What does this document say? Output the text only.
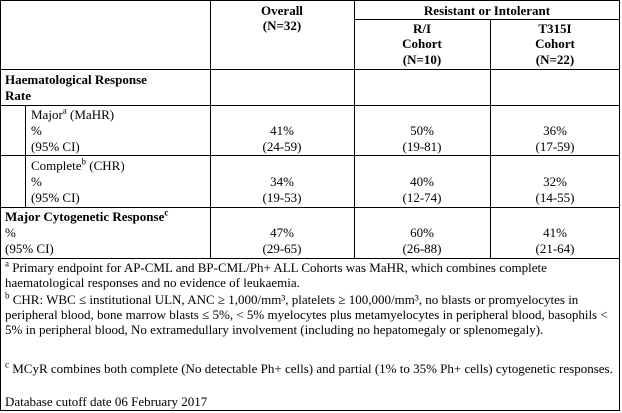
Overall
(N=32)
Resistant or Intolerant
R/I
Cohort
(N=10)
T315I
Cohort
(N=22)
Haematological Response
Rate
Major$^a$ (MaHR)
%
(95% CI)
41%
(24-59)
50%
(19-81)
36%
(17-59)
Complete$^b$ (CHR)
%
(95% CI)
34%
(19-53)
40%
(12-74)
32%
(14-55)
Major Cytogenetic Response$^c$
%
(95% CI)
47%
(29-65)
60%
(26-88)
41%
(21-64)
$^a$ Primary endpoint for AP-CML and BP-CML/Ph+ ALL Cohorts was MaHR, which combines complete haematological responses and no evidence of leukaemia.
$^b$ CHR: WBC ≤ institutional ULN, ANC ≥ 1,000/mm³, platelets ≥ 100,000/mm³, no blasts or promyelocytes in peripheral blood, bone marrow blasts ≤ 5%, < 5% myelocytes plus metamyelocytes in peripheral blood, basophils < 5% in peripheral blood, No extramedullary involvement (including no hepatomegaly or splenomegaly).
$^c$ MCyR combines both complete (No detectable Ph+ cells) and partial (1% to 35% Ph+ cells) cytogenetic responses.
Database cutoff date 06 February 2017
